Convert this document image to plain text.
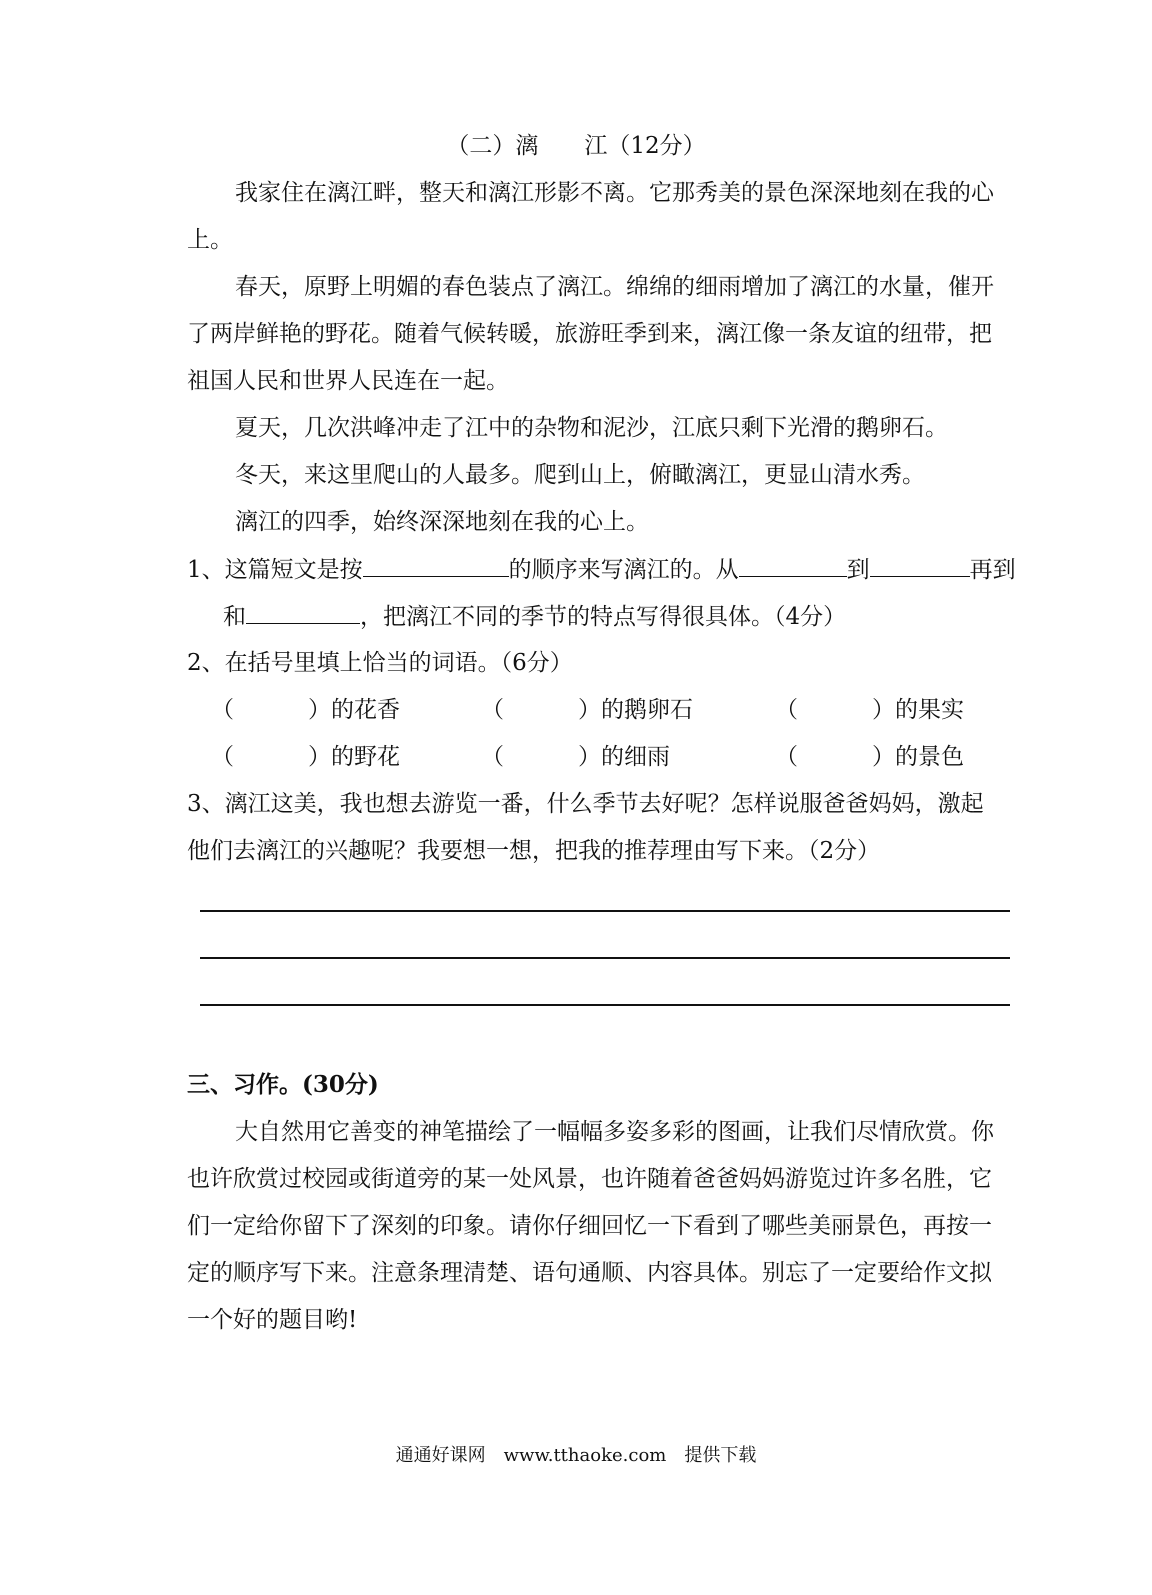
（二）漓　　江（12分）
我家住在漓江畔，整天和漓江形影不离。它那秀美的景色深深地刻在我的心
上。
春天，原野上明媚的春色装点了漓江。绵绵的细雨增加了漓江的水量，催开
了两岸鲜艳的野花。随着气候转暖，旅游旺季到来，漓江像一条友谊的纽带，把
祖国人民和世界人民连在一起。
夏天，几次洪峰冲走了江中的杂物和泥沙，江底只剩下光滑的鹅卵石。
冬天，来这里爬山的人最多。爬到山上，俯瞰漓江，更显山清水秀。
漓江的四季，始终深深地刻在我的心上。
1、这篇短文是按	的顺序来写漓江的。从	到	再到
和	，把漓江不同的季节的特点写得很具体。（4分）
2、在括号里填上恰当的词语。（6分）
（	）的花香	（	）的鹅卵石	（	）的果实
（	）的野花	（	）的细雨	（	）的景色
3、漓江这美，我也想去游览一番，什么季节去好呢？怎样说服爸爸妈妈，激起
他们去漓江的兴趣呢？我要想一想，把我的推荐理由写下来。（2分）
三、习作。(30分)
大自然用它善变的神笔描绘了一幅幅多姿多彩的图画，让我们尽情欣赏。你
也许欣赏过校园或街道旁的某一处风景，也许随着爸爸妈妈游览过许多名胜，它
们一定给你留下了深刻的印象。请你仔细回忆一下看到了哪些美丽景色，再按一
定的顺序写下来。注意条理清楚、语句通顺、内容具体。别忘了一定要给作文拟
一个好的题目哟!
通通好课网　www.tthaoke.com　提供下载
